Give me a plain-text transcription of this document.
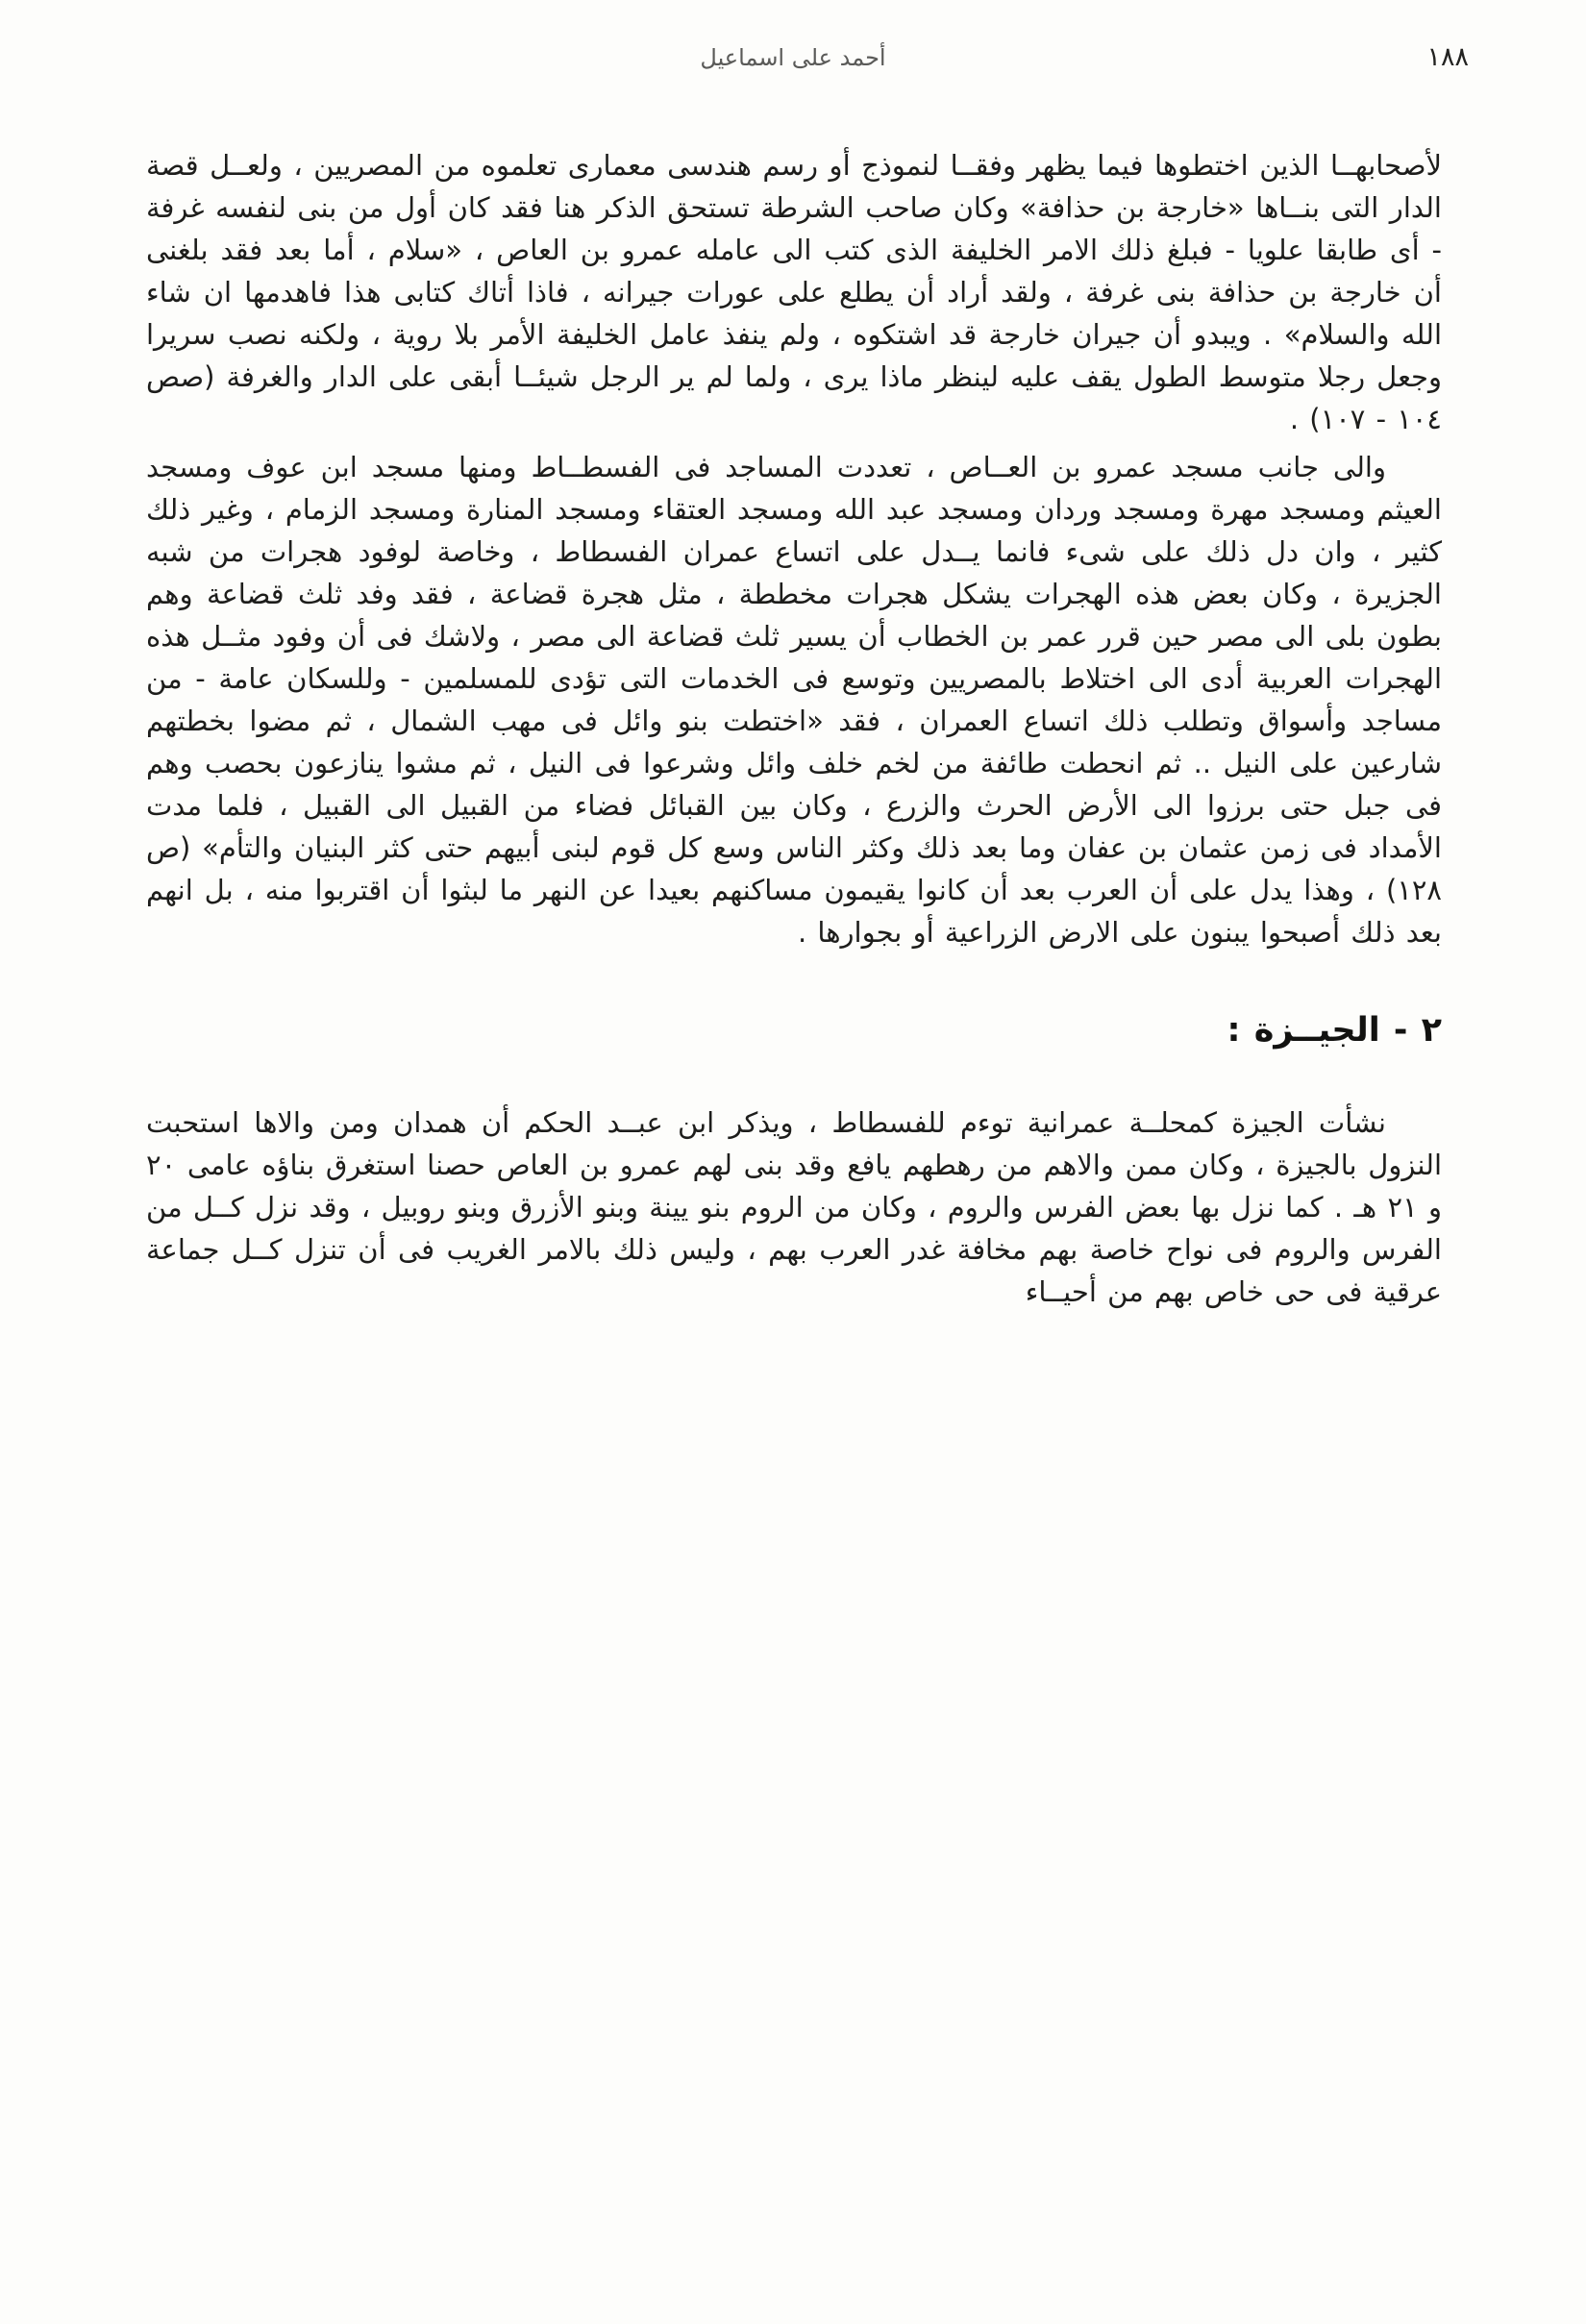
أحمد على اسماعيل	١٨٨

لأصحابهــا الذين اختطوها فيما يظهر وفقــا لنموذج أو رسم هندسى معمارى تعلموه من المصريين ، ولعــل قصة الدار التى بنــاها «خارجة بن حذافة» وكان صاحب الشرطة تستحق الذكر هنا فقد كان أول من بنى لنفسه غرفة - أى طابقا علويا - فبلغ ذلك الامر الخليفة الذى كتب الى عامله عمرو بن العاص ، «سلام ، أما بعد فقد بلغنى أن خارجة بن حذافة بنى غرفة ، ولقد أراد أن يطلع على عورات جيرانه ، فاذا أتاك كتابى هذا فاهدمها ان شاء الله والسلام» . ويبدو أن جيران خارجة قد اشتكوه ، ولم ينفذ عامل الخليفة الأمر بلا روية ، ولكنه نصب سريرا وجعل رجلا متوسط الطول يقف عليه لينظر ماذا يرى ، ولما لم ير الرجل شيئــا أبقى على الدار والغرفة (صص ١٠٤ - ١٠٧) .

والى جانب مسجد عمرو بن العــاص ، تعددت المساجد فى الفسطــاط ومنها مسجد ابن عوف ومسجد العيثم ومسجد مهرة ومسجد وردان ومسجد عبد الله ومسجد العتقاء ومسجد المنارة ومسجد الزمام ، وغير ذلك كثير ، وان دل ذلك على شىء فانما يــدل على اتساع عمران الفسطاط ، وخاصة لوفود هجرات من شبه الجزيرة ، وكان بعض هذه الهجرات يشكل هجرات مخططة ، مثل هجرة قضاعة ، فقد وفد ثلث قضاعة وهم بطون بلى الى مصر حين قرر عمر بن الخطاب أن يسير ثلث قضاعة الى مصر ، ولاشك فى أن وفود مثــل هذه الهجرات العربية أدى الى اختلاط بالمصريين وتوسع فى الخدمات التى تؤدى للمسلمين - وللسكان عامة - من مساجد وأسواق وتطلب ذلك اتساع العمران ، فقد «اختطت بنو وائل فى مهب الشمال ، ثم مضوا بخطتهم شارعين على النيل .. ثم انحطت طائفة من لخم خلف وائل وشرعوا فى النيل ، ثم مشوا ينازعون بحصب وهم فى جبل حتى برزوا الى الأرض الحرث والزرع ، وكان بين القبائل فضاء من القبيل الى القبيل ، فلما مدت الأمداد فى زمن عثمان بن عفان وما بعد ذلك وكثر الناس وسع كل قوم لبنى أبيهم حتى كثر البنيان والتأم» (ص ١٢٨) ، وهذا يدل على أن العرب بعد أن كانوا يقيمون مساكنهم بعيدا عن النهر ما لبثوا أن اقتربوا منه ، بل انهم بعد ذلك أصبحوا يبنون على الارض الزراعية أو بجوارها .

٢ - الجيــزة :

نشأت الجيزة كمحلــة عمرانية توءم للفسطاط ، ويذكر ابن عبــد الحكم أن همدان ومن والاها استحبت النزول بالجيزة ، وكان ممن والاهم من رهطهم يافع وقد بنى لهم عمرو بن العاص حصنا استغرق بناؤه عامى ٢٠ و ٢١ هـ . كما نزل بها بعض الفرس والروم ، وكان من الروم بنو يينة وبنو الأزرق وبنو روبيل ، وقد نزل كــل من الفرس والروم فى نواح خاصة بهم مخافة غدر العرب بهم ، وليس ذلك بالامر الغريب فى أن تنزل كــل جماعة عرقية فى حى خاص بهم من أحيــاء
